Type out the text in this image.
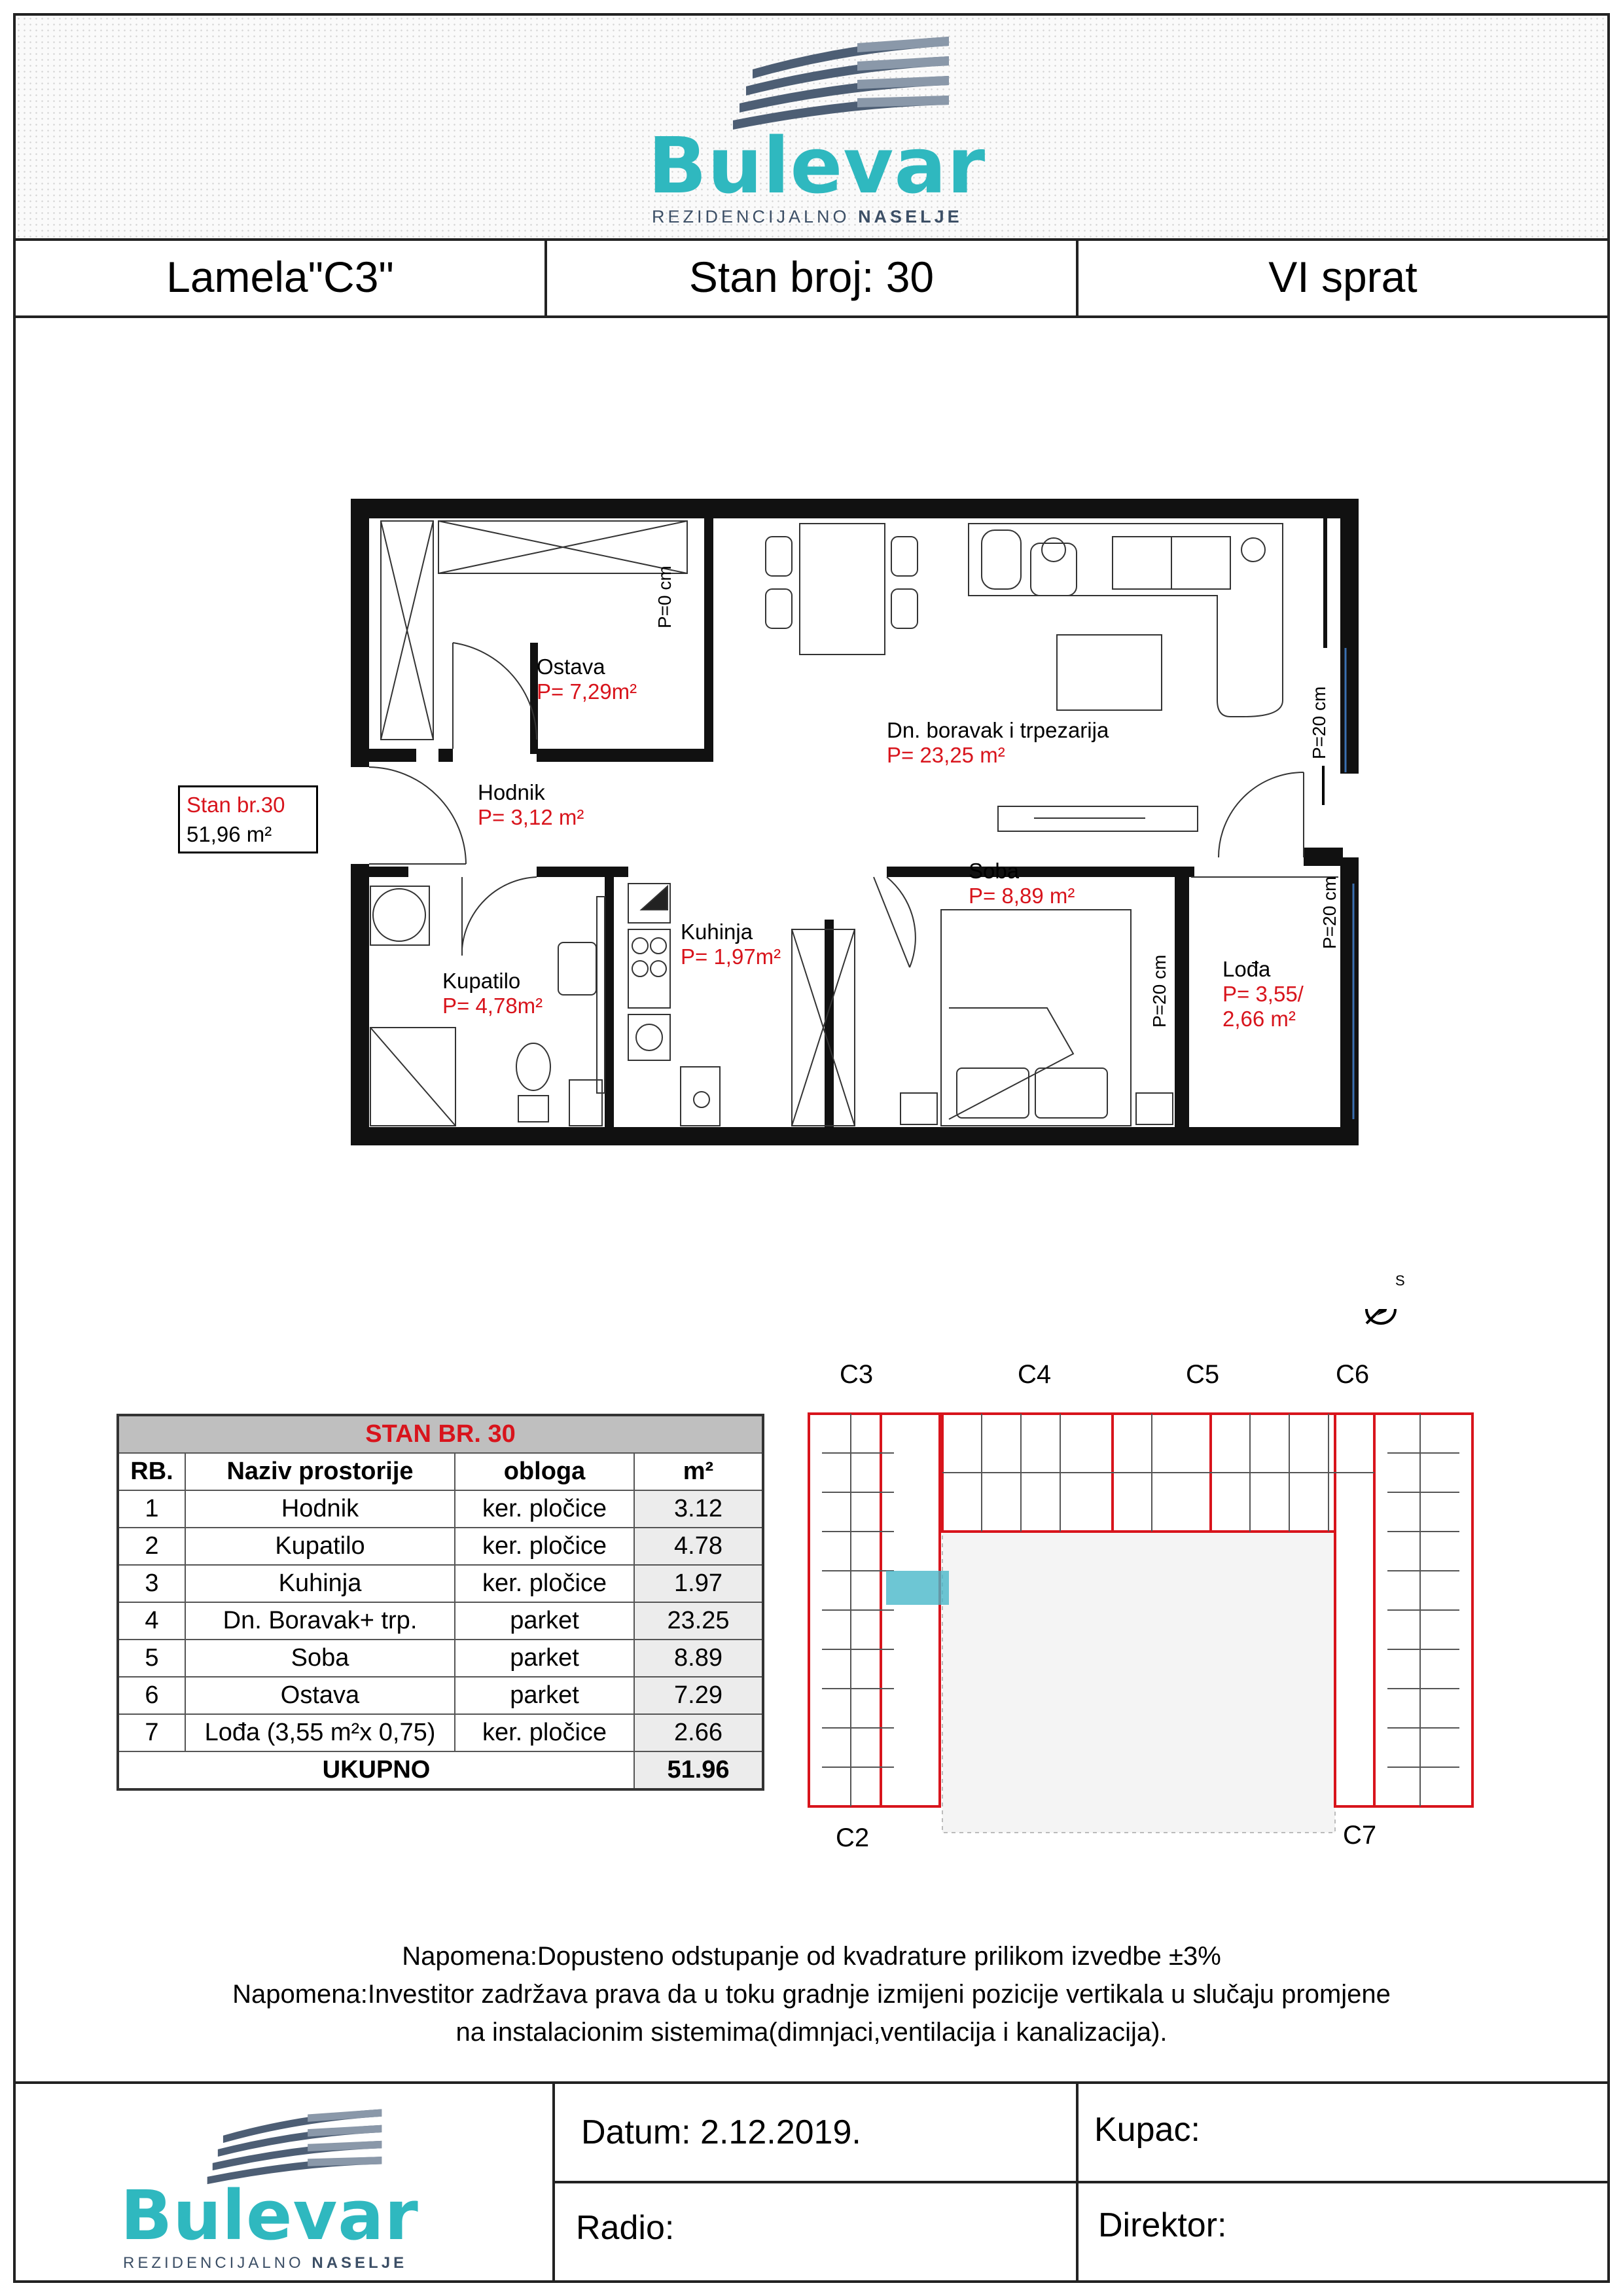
Bulevar
REZIDENCIJALNO NASELJE
Lamela"C3"	Stan broj: 30	VI sprat
Ostava
P= 7,29m²
Dn. boravak i trpezarija
P= 23,25 m²
Hodnik
P= 3,12 m²
Soba
P= 8,89 m²
Kuhinja
P= 1,97m²
Kupatilo
P= 4,78m²
Lođa
P= 3,55/
2,66 m²
P=0 cm
P=20 cm
P=20 cm
P=20 cm
Stan br.30
51,96 m²
STAN BR. 30			
RB.	Naziv prostorije	obloga	m²
1	Hodnik	ker. pločice	3.12
2	Kupatilo	ker. pločice	4.78
3	Kuhinja	ker. pločice	1.97
4	Dn. Boravak+ trp.	parket	23.25
5	Soba	parket	8.89
6	Ostava	parket	7.29
7	Lođa (3,55 m²x 0,75)	ker. pločice	2.66
UKUPNO			51.96
S
C3	C4	C5	C6
C2	C7
Napomena:Dopusteno odstupanje od kvadrature prilikom izvedbe ±3%
Napomena:Investitor zadržava prava da u toku gradnje izmijeni pozicije vertikala u slučaju promjene
na instalacionim sistemima(dimnjaci,ventilacija i kanalizacija).
Datum: 2.12.2019.	Kupac:
Radio:	Direktor:
Bulevar
REZIDENCIJALNO NASELJE
